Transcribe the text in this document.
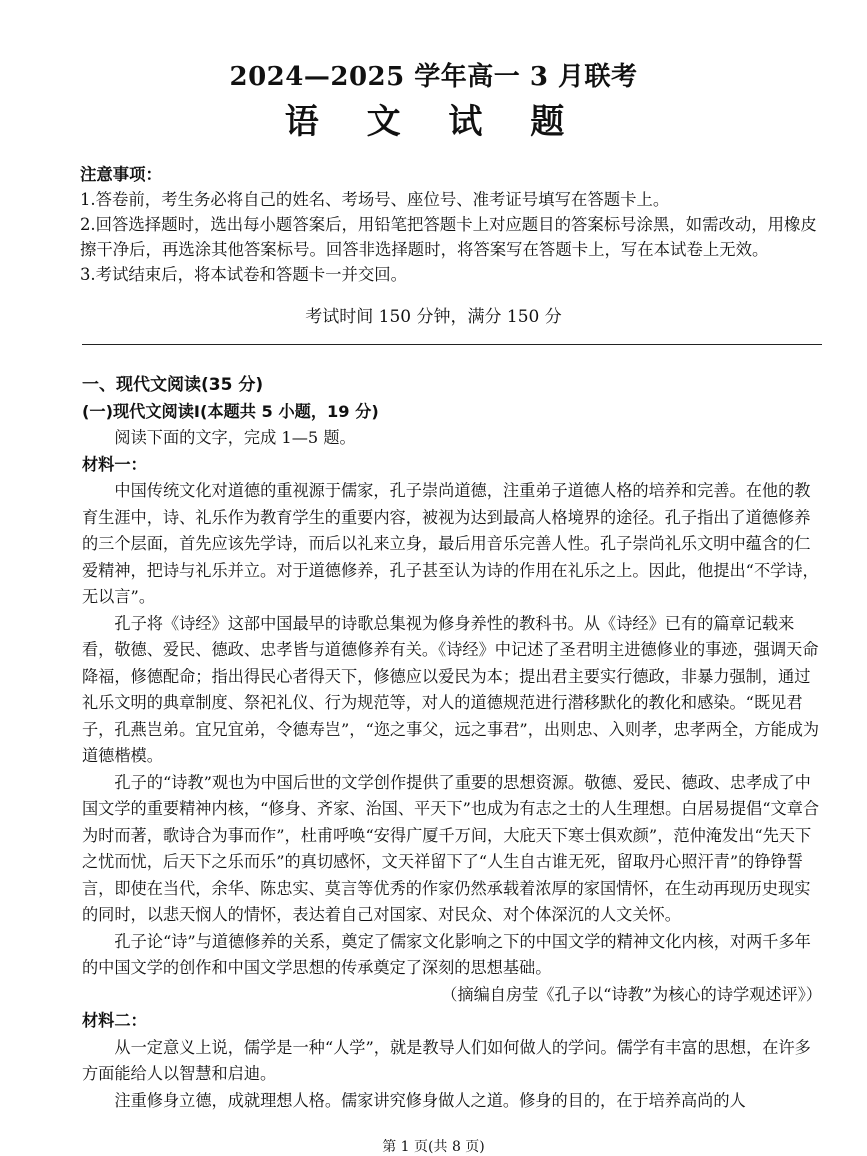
2024—2025 学年高一 3 月联考
语 文 试 题

注意事项：

1.答卷前，考生务必将自己的姓名、考场号、座位号、准考证号填写在答题卡上。

2.回答选择题时，选出每小题答案后，用铅笔把答题卡上对应题目的答案标号涂黑，如需改动，用橡皮擦干净后，再选涂其他答案标号。回答非选择题时，将答案写在答题卡上，写在本试卷上无效。

3.考试结束后，将本试卷和答题卡一并交回。

考试时间 150 分钟，满分 150 分

一、现代文阅读(35 分)

(一)现代文阅读Ⅰ(本题共 5 小题，19 分)

阅读下面的文字，完成 1—5 题。

材料一：

中国传统文化对道德的重视源于儒家，孔子崇尚道德，注重弟子道德人格的培养和完善。在他的教育生涯中，诗、礼乐作为教育学生的重要内容，被视为达到最高人格境界的途径。孔子指出了道德修养的三个层面，首先应该先学诗，而后以礼来立身，最后用音乐完善人性。孔子崇尚礼乐文明中蕴含的仁爱精神，把诗与礼乐并立。对于道德修养，孔子甚至认为诗的作用在礼乐之上。因此，他提出“不学诗，无以言”。

孔子将《诗经》这部中国最早的诗歌总集视为修身养性的教科书。从《诗经》已有的篇章记载来看，敬德、爱民、德政、忠孝皆与道德修养有关。《诗经》中记述了圣君明主进德修业的事迹，强调天命降福，修德配命；指出得民心者得天下，修德应以爱民为本；提出君主要实行德政，非暴力强制，通过礼乐文明的典章制度、祭祀礼仪、行为规范等，对人的道德规范进行潜移默化的教化和感染。“既见君子，孔燕岂弟。宜兄宜弟，令德寿岂”，“迩之事父，远之事君”，出则忠、入则孝，忠孝两全，方能成为道德楷模。

孔子的“诗教”观也为中国后世的文学创作提供了重要的思想资源。敬德、爱民、德政、忠孝成了中国文学的重要精神内核，“修身、齐家、治国、平天下”也成为有志之士的人生理想。白居易提倡“文章合为时而著，歌诗合为事而作”，杜甫呼唤“安得广厦千万间，大庇天下寒士俱欢颜”，范仲淹发出“先天下之忧而忧，后天下之乐而乐”的真切感怀，文天祥留下了“人生自古谁无死，留取丹心照汗青”的铮铮誓言，即使在当代，余华、陈忠实、莫言等优秀的作家仍然承载着浓厚的家国情怀，在生动再现历史现实的同时，以悲天悯人的情怀，表达着自己对国家、对民众、对个体深沉的人文关怀。

孔子论“诗”与道德修养的关系，奠定了儒家文化影响之下的中国文学的精神文化内核，对两千多年的中国文学的创作和中国文学思想的传承奠定了深刻的思想基础。

（摘编自房莹《孔子以“诗教”为核心的诗学观述评》）

材料二：

从一定意义上说，儒学是一种“人学”，就是教导人们如何做人的学问。儒学有丰富的思想，在许多方面能给人以智慧和启迪。

注重修身立德，成就理想人格。儒家讲究修身做人之道。修身的目的，在于培养高尚的人

第 1 页(共 8 页)
